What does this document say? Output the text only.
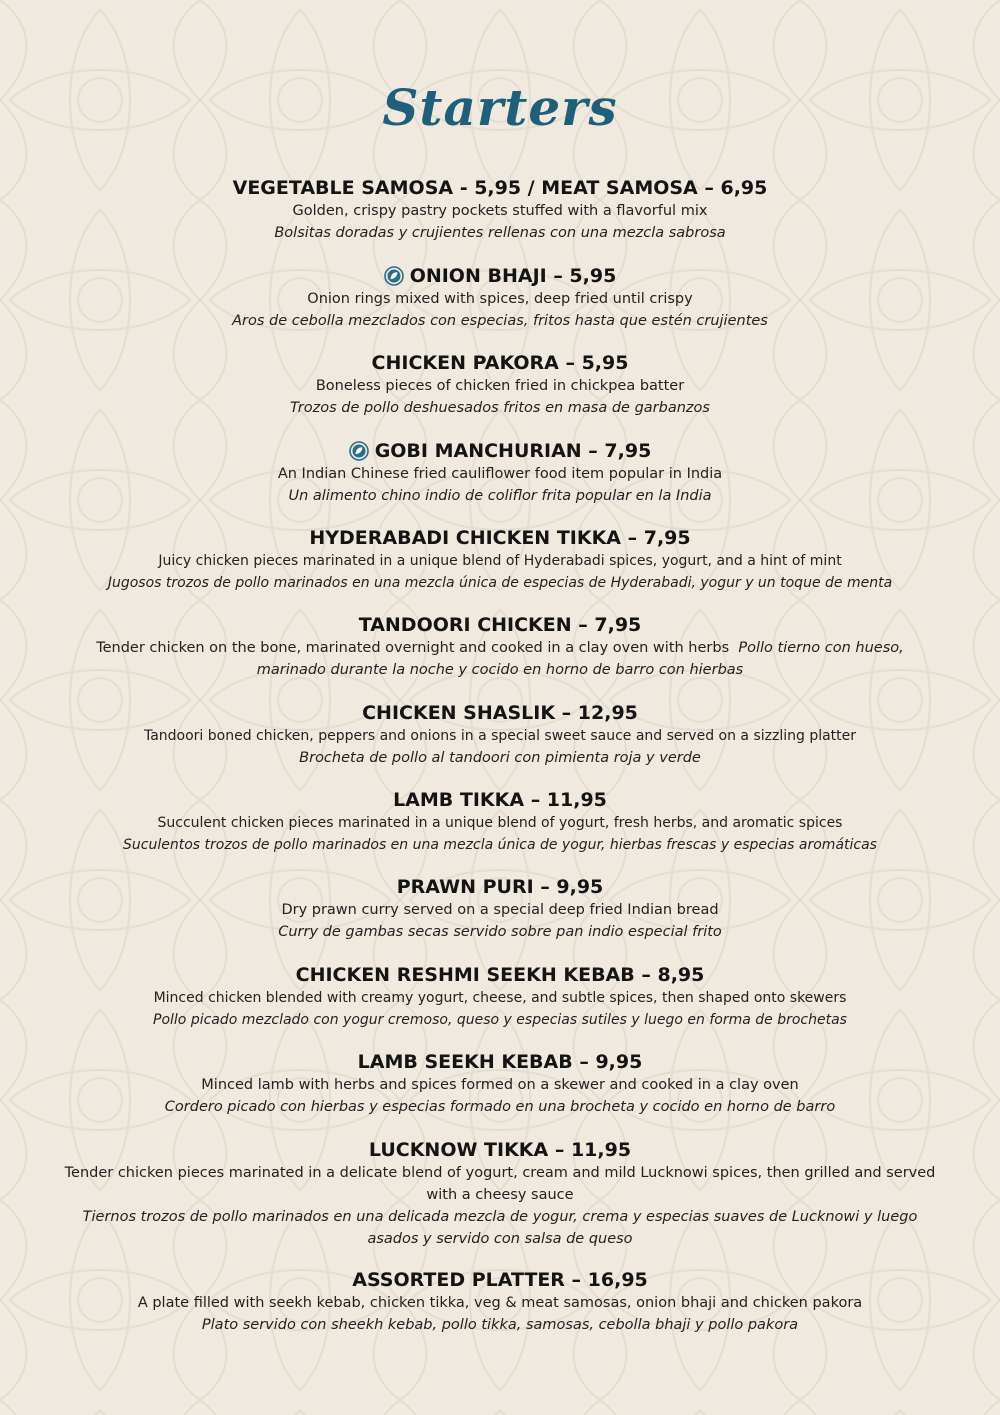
Starters
VEGETABLE SAMOSA - 5,95 / MEAT SAMOSA – 6,95
Golden, crispy pastry pockets stuffed with a flavorful mix
Bolsitas doradas y crujientes rellenas con una mezcla sabrosa
ONION BHAJI – 5,95
Onion rings mixed with spices, deep fried until crispy
Aros de cebolla mezclados con especias, fritos hasta que estén crujientes
CHICKEN PAKORA – 5,95
Boneless pieces of chicken fried in chickpea batter
Trozos de pollo deshuesados fritos en masa de garbanzos
GOBI MANCHURIAN – 7,95
An Indian Chinese fried cauliflower food item popular in India
Un alimento chino indio de coliflor frita popular en la India
HYDERABADI CHICKEN TIKKA – 7,95
Juicy chicken pieces marinated in a unique blend of Hyderabadi spices, yogurt, and a hint of mint
Jugosos trozos de pollo marinados en una mezcla única de especias de Hyderabadi, yogur y un toque de menta
TANDOORI CHICKEN – 7,95
Tender chicken on the bone, marinated overnight and cooked in a clay oven with herbs Pollo tierno con hueso, marinado durante la noche y cocido en horno de barro con hierbas
CHICKEN SHASLIK – 12,95
Tandoori boned chicken, peppers and onions in a special sweet sauce and served on a sizzling platter
Brocheta de pollo al tandoori con pimienta roja y verde
LAMB TIKKA – 11,95
Succulent chicken pieces marinated in a unique blend of yogurt, fresh herbs, and aromatic spices
Suculentos trozos de pollo marinados en una mezcla única de yogur, hierbas frescas y especias aromáticas
PRAWN PURI – 9,95
Dry prawn curry served on a special deep fried Indian bread
Curry de gambas secas servido sobre pan indio especial frito
CHICKEN RESHMI SEEKH KEBAB – 8,95
Minced chicken blended with creamy yogurt, cheese, and subtle spices, then shaped onto skewers
Pollo picado mezclado con yogur cremoso, queso y especias sutiles y luego en forma de brochetas
LAMB SEEKH KEBAB – 9,95
Minced lamb with herbs and spices formed on a skewer and cooked in a clay oven
Cordero picado con hierbas y especias formado en una brocheta y cocido en horno de barro
LUCKNOW TIKKA – 11,95
Tender chicken pieces marinated in a delicate blend of yogurt, cream and mild Lucknowi spices, then grilled and served with a cheesy sauce
Tiernos trozos de pollo marinados en una delicada mezcla de yogur, crema y especias suaves de Lucknowi y luego asados y servido con salsa de queso
ASSORTED PLATTER – 16,95
A plate filled with seekh kebab, chicken tikka, veg & meat samosas, onion bhaji and chicken pakora
Plato servido con sheekh kebab, pollo tikka, samosas, cebolla bhaji y pollo pakora
